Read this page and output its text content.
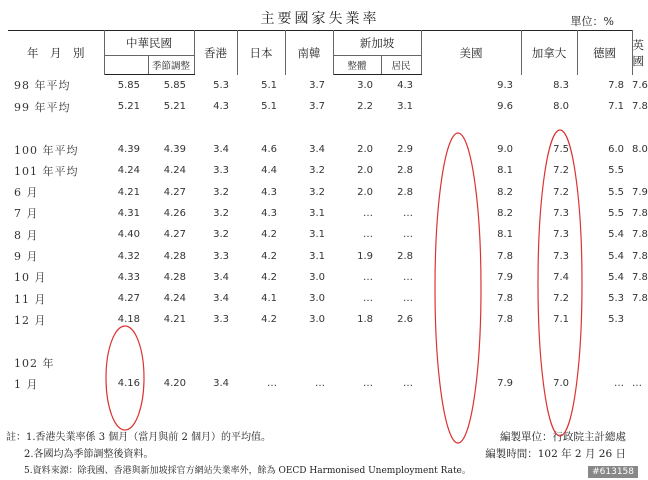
主要國家失業率	單位：%
年　月　別	中華民國		香港	日本	南韓	新加坡		美國	加拿大	德國	英國
		季節調整				整體	居民				
98 年平均	5.85	5.85	5.3	5.1	3.7	3.0	4.3	9.3	8.3	7.8	7.6
99 年平均	5.21	5.21	4.3	5.1	3.7	2.2	3.1	9.6	8.0	7.1	7.8

100 年平均	4.39	4.39	3.4	4.6	3.4	2.0	2.9	9.0	7.5	6.0	8.0
101 年平均	4.24	4.24	3.3	4.4	3.2	2.0	2.8	8.1	7.2	5.5	
6 月	4.21	4.27	3.2	4.3	3.2	2.0	2.8	8.2	7.2	5.5	7.9
7 月	4.31	4.26	3.2	4.3	3.1	…	…	8.2	7.3	5.5	7.8
8 月	4.40	4.27	3.2	4.2	3.1	…	…	8.1	7.3	5.4	7.8
9 月	4.32	4.28	3.3	4.2	3.1	1.9	2.8	7.8	7.3	5.4	7.8
10 月	4.33	4.28	3.4	4.2	3.0	…	…	7.9	7.4	5.4	7.8
11 月	4.27	4.24	3.4	4.1	3.0	…	…	7.8	7.2	5.3	7.8
12 月	4.18	4.21	3.3	4.2	3.0	1.8	2.6	7.8	7.1	5.3	

102 年											
1 月	4.16	4.20	3.4	…	…	…	…	7.9	7.0	…	…
註：1.香港失業率係 3 個月（當月與前 2 個月）的平均值。
2.各國均為季節調整後資料。
5.資料來源：除我國、香港與新加坡採官方網站失業率外，餘為 OECD Harmonised Unemployment Rate。
編製單位：行政院主計總處
編製時間：102 年 2 月 26 日
#613158
